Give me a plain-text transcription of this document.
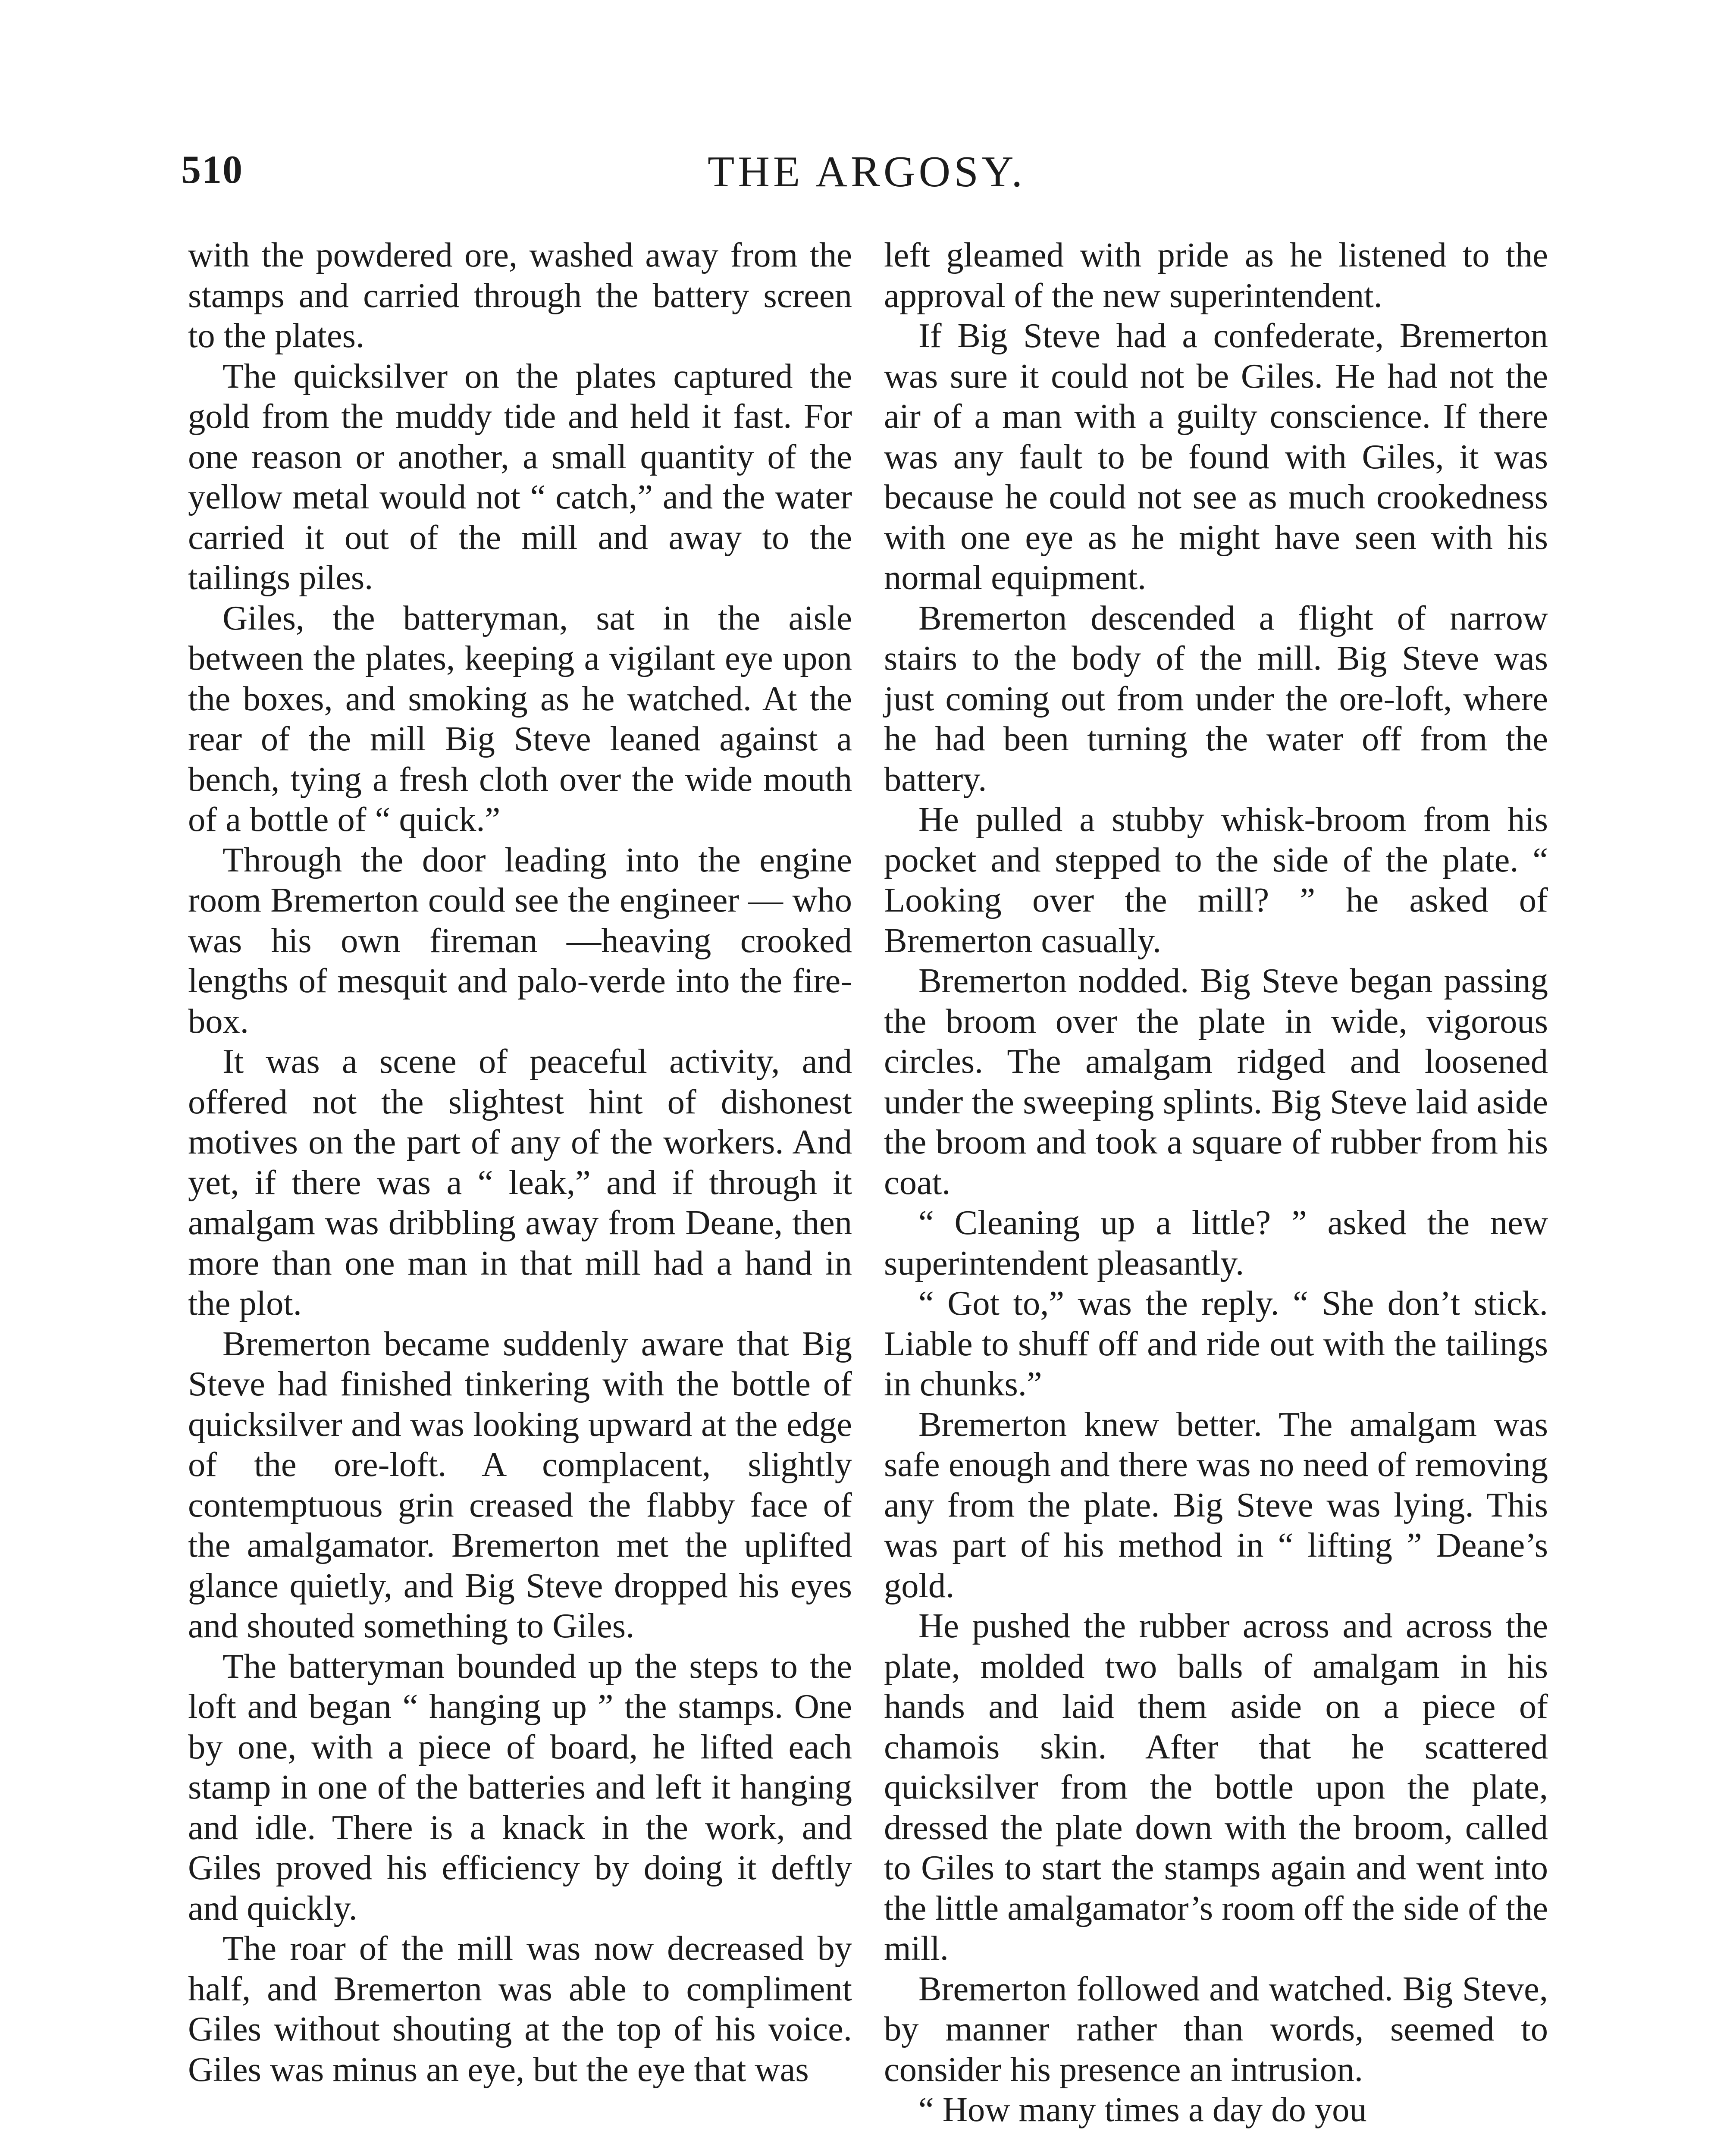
510	THE ARGOSY.

with the powdered ore, washed away from the stamps and carried through the battery screen to the plates.

The quicksilver on the plates captured the gold from the muddy tide and held it fast. For one reason or another, a small quantity of the yellow metal would not “ catch,” and the water carried it out of the mill and away to the tailings piles.

Giles, the batteryman, sat in the aisle between the plates, keeping a vigilant eye upon the boxes, and smoking as he watched. At the rear of the mill Big Steve leaned against a bench, tying a fresh cloth over the wide mouth of a bottle of “ quick.”

Through the door leading into the engine room Bremerton could see the engineer — who was his own fireman —heaving crooked lengths of mesquit and palo-verde into the fire-box.

It was a scene of peaceful activity, and offered not the slightest hint of dishonest motives on the part of any of the workers. And yet, if there was a “ leak,” and if through it amalgam was dribbling away from Deane, then more than one man in that mill had a hand in the plot.

Bremerton became suddenly aware that Big Steve had finished tinkering with the bottle of quicksilver and was looking upward at the edge of the ore-loft. A complacent, slightly contemptuous grin creased the flabby face of the amalgamator. Bremerton met the uplifted glance quietly, and Big Steve dropped his eyes and shouted something to Giles.

The batteryman bounded up the steps to the loft and began “ hanging up ” the stamps. One by one, with a piece of board, he lifted each stamp in one of the batteries and left it hanging and idle. There is a knack in the work, and Giles proved his efficiency by doing it deftly and quickly.

The roar of the mill was now decreased by half, and Bremerton was able to compliment Giles without shouting at the top of his voice. Giles was minus an eye, but the eye that was

left gleamed with pride as he listened to the approval of the new superintendent.

If Big Steve had a confederate, Bremerton was sure it could not be Giles. He had not the air of a man with a guilty conscience. If there was any fault to be found with Giles, it was because he could not see as much crookedness with one eye as he might have seen with his normal equipment.

Bremerton descended a flight of narrow stairs to the body of the mill. Big Steve was just coming out from under the ore-loft, where he had been turning the water off from the battery.

He pulled a stubby whisk-broom from his pocket and stepped to the side of the plate. “ Looking over the mill? ” he asked of Bremerton casually.

Bremerton nodded. Big Steve began passing the broom over the plate in wide, vigorous circles. The amalgam ridged and loosened under the sweeping splints. Big Steve laid aside the broom and took a square of rubber from his coat.

“ Cleaning up a little? ” asked the new superintendent pleasantly.

“ Got to,” was the reply. “ She don’t stick. Liable to shuff off and ride out with the tailings in chunks.”

Bremerton knew better. The amalgam was safe enough and there was no need of removing any from the plate. Big Steve was lying. This was part of his method in “ lifting ” Deane’s gold.

He pushed the rubber across and across the plate, molded two balls of amalgam in his hands and laid them aside on a piece of chamois skin. After that he scattered quicksilver from the bottle upon the plate, dressed the plate down with the broom, called to Giles to start the stamps again and went into the little amalgamator’s room off the side of the mill.

Bremerton followed and watched. Big Steve, by manner rather than words, seemed to consider his presence an intrusion.

“ How many times a day do you
